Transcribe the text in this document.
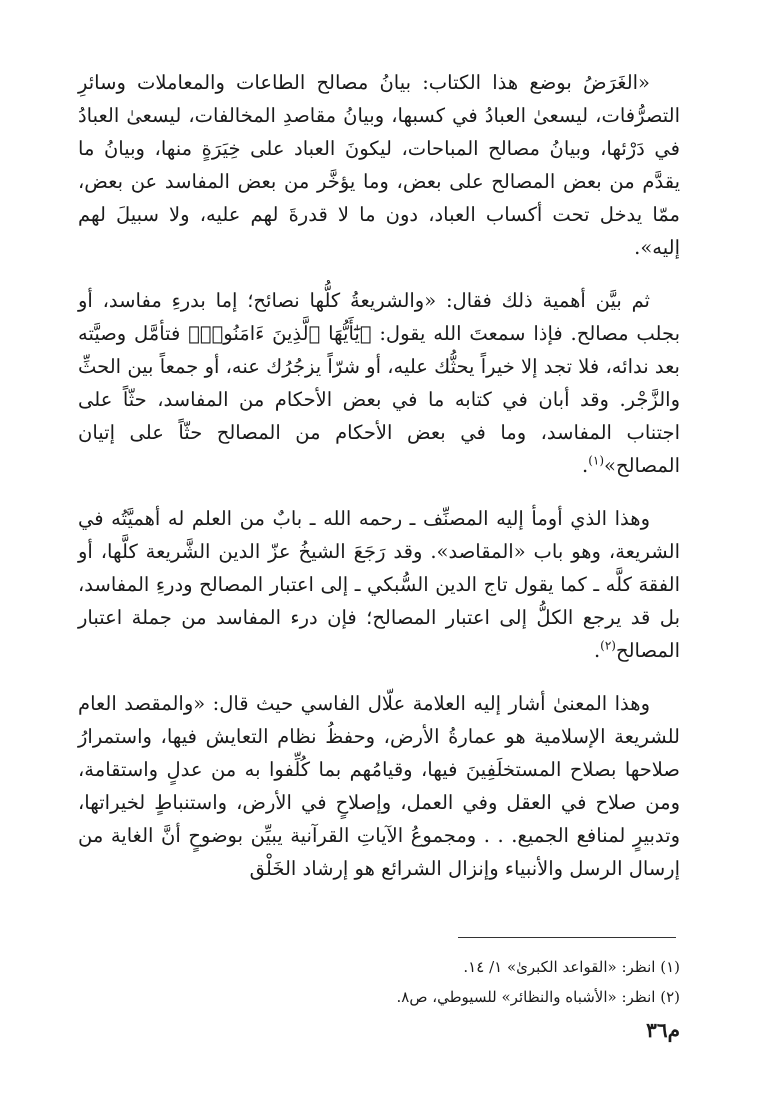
«الغَرَضُ بوضع هذا الكتاب: بيانُ مصالح الطاعات والمعاملات وسائرِ التصرُّفات، ليسعىٰ العبادُ في كسبها، وبيانُ مقاصدِ المخالفات، ليسعىٰ العبادُ في دَرْئها، وبيانُ مصالح المباحات، ليكونَ العباد على خِيَرَةٍ منها، وبيانُ ما يقدَّم من بعض المصالح على بعض، وما يؤخَّر من بعض المفاسد عن بعض، ممّا يدخل تحت أكساب العباد، دون ما لا قدرةَ لهم عليه، ولا سبيلَ لهم إليه».

ثم بيَّن أهمية ذلك فقال: «والشريعةُ كلُّها نصائح؛ إما بدرءِ مفاسد، أو بجلب مصالح. فإذا سمعتَ الله يقول: ﴿يَٰٓأَيُّهَا ٱلَّذِينَ ءَامَنُوا۟﴾ فتأمَّل وصيَّته بعد ندائه، فلا تجد إلا خيراً يحثُّك عليه، أو شرّاً يزجُرُك عنه، أو جمعاً بين الحثِّ والزَّجْر. وقد أبان في كتابه ما في بعض الأحكام من المفاسد، حثّاً على اجتناب المفاسد، وما في بعض الأحكام من المصالح حثّاً على إتيان المصالح»$^{(١)}$.

وهذا الذي أومأ إليه المصنِّف ـ رحمه الله ـ بابٌ من العلم له أهميَّتُه في الشريعة، وهو باب «المقاصد». وقد رَجَعَ الشيخُ عزّ الدين الشَّريعة كلَّها، أو الفقهَ كلَّه ـ كما يقول تاج الدين السُّبكي ـ إلى اعتبار المصالح ودرءِ المفاسد، بل قد يرجع الكلُّ إلى اعتبار المصالح؛ فإن درء المفاسد من جملة اعتبار المصالح$^{(٢)}$.

وهذا المعنىٰ أشار إليه العلامة علّال الفاسي حيث قال: «والمقصد العام للشريعة الإسلامية هو عمارةُ الأرض، وحفظُ نظام التعايش فيها، واستمرارُ صلاحها بصلاح المستخلَفِينَ فيها، وقيامُهم بما كُلِّفوا به من عدلٍ واستقامة، ومن صلاح في العقل وفي العمل، وإصلاحٍ في الأرض، واستنباطٍ لخيراتها، وتدبيرٍ لمنافع الجميع. . . ومجموعُ الآياتِ القرآنية يبيِّن بوضوحٍ أنَّ الغاية من إرسال الرسل والأنبياء وإنزال الشرائع هو إرشاد الخَلْق

(١) انظر: «القواعد الكبرىٰ» ١/ ١٤.

(٢) انظر: «الأشباه والنظائر» للسيوطي، ص٨.

م٣٦
